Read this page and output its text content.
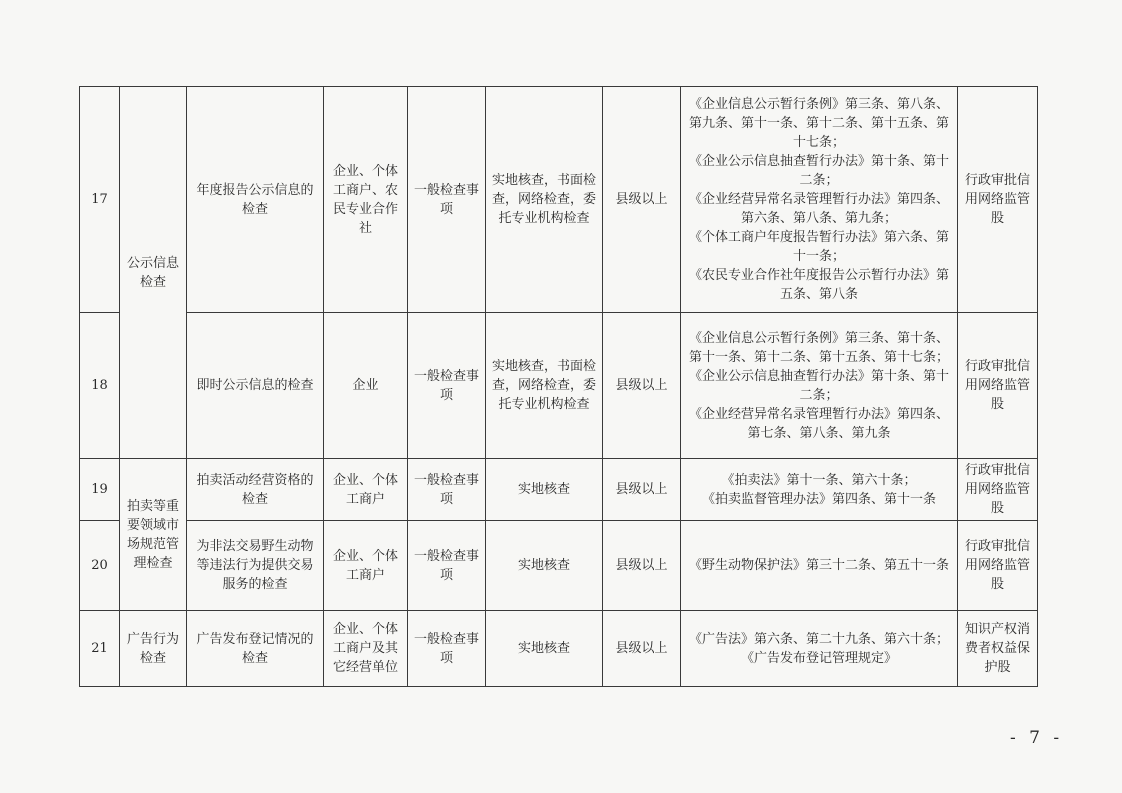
17	公示信息检查	年度报告公示信息的检查	企业、个体工商户、农民专业合作社	一般检查事项	实地核查，书面检查，网络检查，委托专业机构检查	县级以上	《企业信息公示暂行条例》第三条、第八条、第九条、第十一条、第十二条、第十五条、第十七条；
《企业公示信息抽查暂行办法》第十条、第十二条；
《企业经营异常名录管理暂行办法》第四条、第六条、第八条、第九条；
《个体工商户年度报告暂行办法》第六条、第十一条；
《农民专业合作社年度报告公示暂行办法》第五条、第八条	行政审批信用网络监管股
18		即时公示信息的检查	企业	一般检查事项	实地核查，书面检查，网络检查，委托专业机构检查	县级以上	《企业信息公示暂行条例》第三条、第十条、第十一条、第十二条、第十五条、第十七条；
《企业公示信息抽查暂行办法》第十条、第十二条；
《企业经营异常名录管理暂行办法》第四条、第七条、第八条、第九条	行政审批信用网络监管股
19	拍卖等重要领域市场规范管理检查	拍卖活动经营资格的检查	企业、个体工商户	一般检查事项	实地核查	县级以上	《拍卖法》第十一条、第六十条；
《拍卖监督管理办法》第四条、第十一条	行政审批信用网络监管股
20		为非法交易野生动物等违法行为提供交易服务的检查	企业、个体工商户	一般检查事项	实地核查	县级以上	《野生动物保护法》第三十二条、第五十一条	行政审批信用网络监管股
21	广告行为检查	广告发布登记情况的检查	企业、个体工商户及其它经营单位	一般检查事项	实地核查	县级以上	《广告法》第六条、第二十九条、第六十条；
《广告发布登记管理规定》	知识产权消费者权益保护股
- 7 -
